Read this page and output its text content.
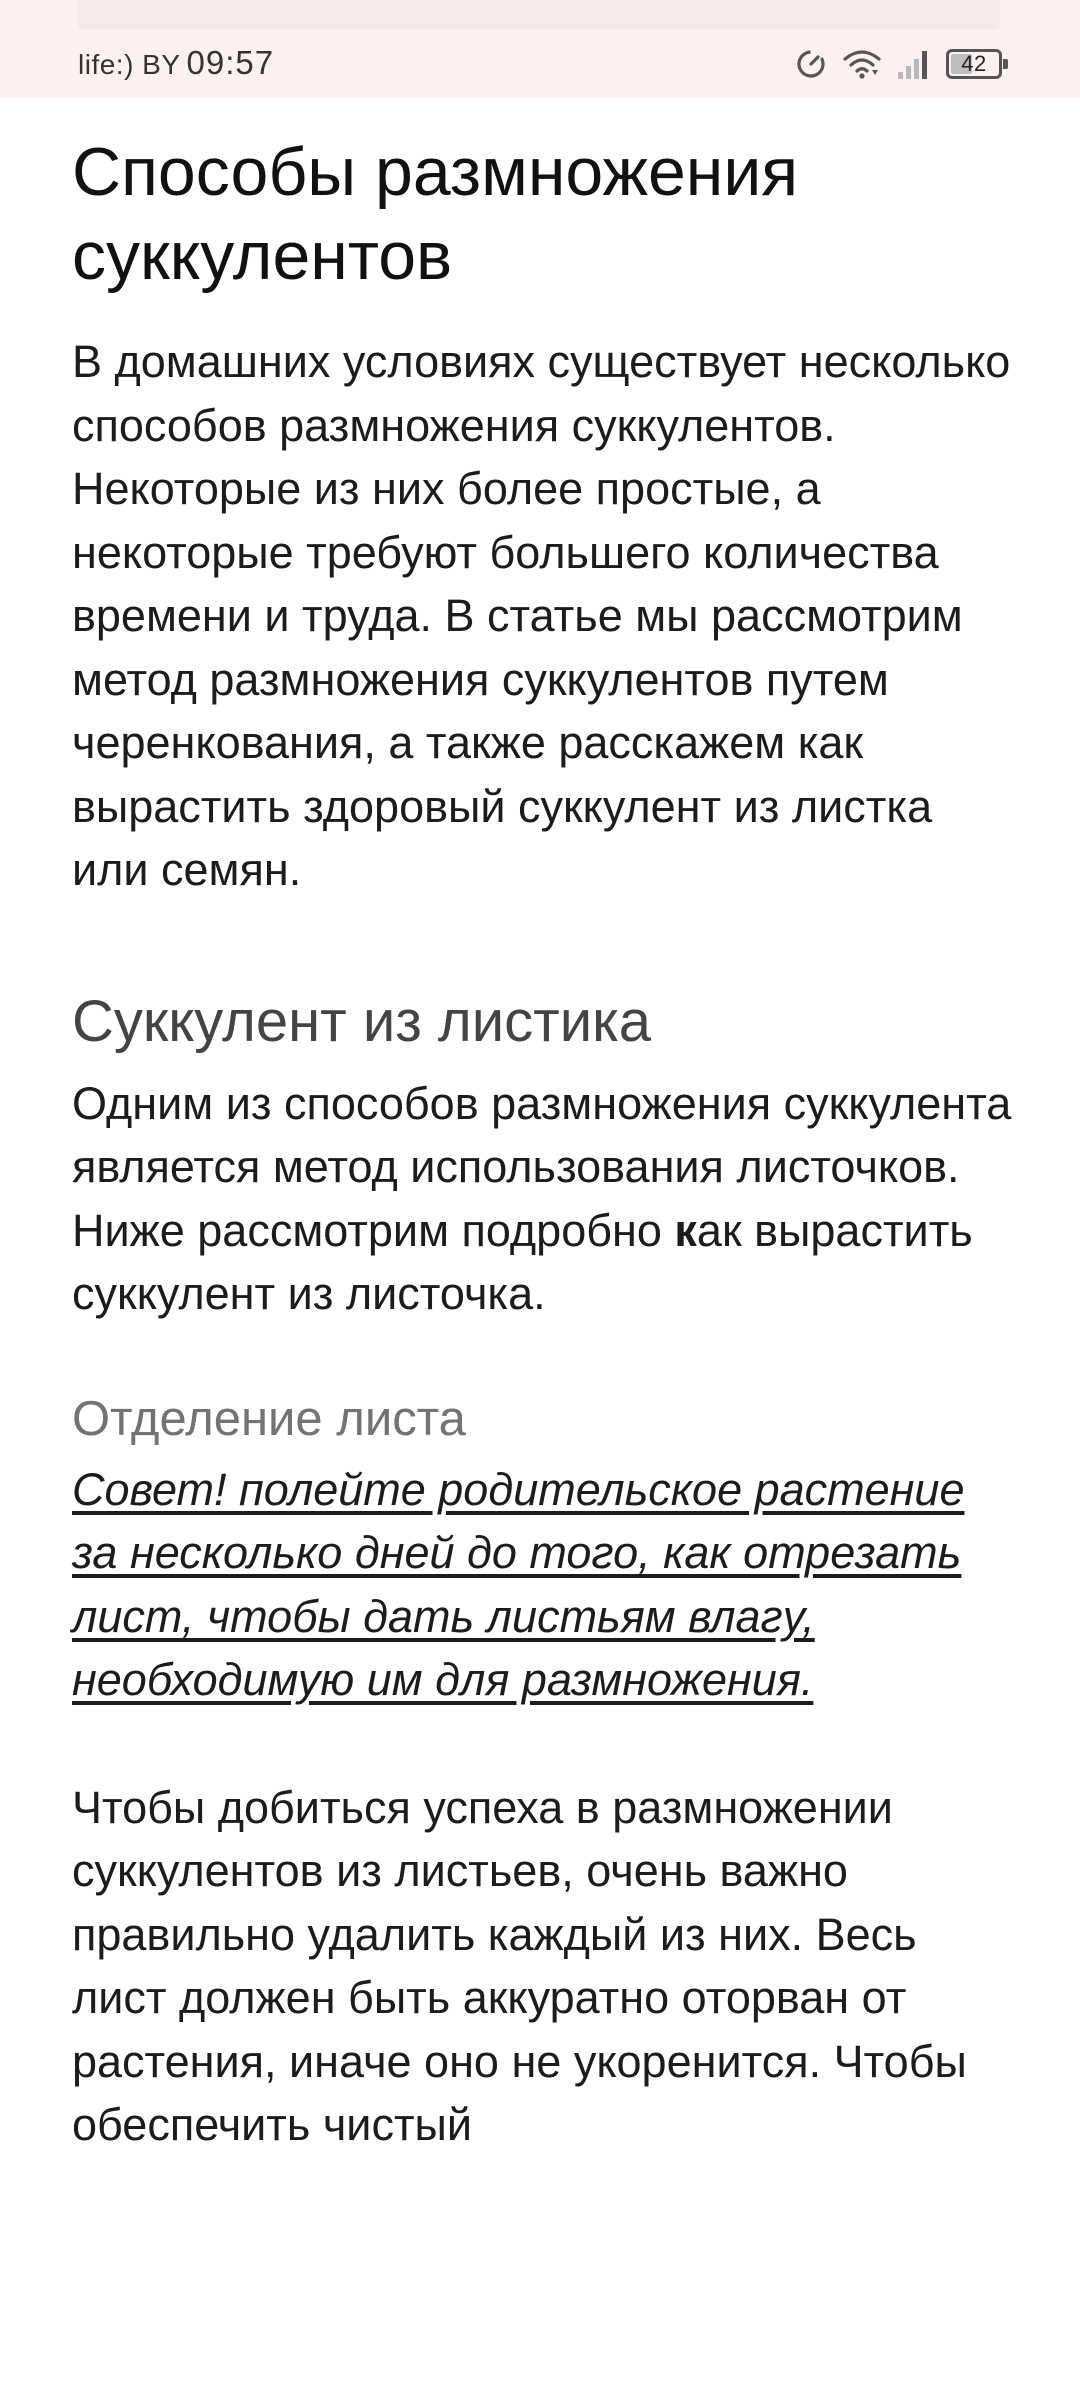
life:) BY 09:57	42
Способы размножения суккулентов

В домашних условиях существует несколько способов размножения суккулентов. Некоторые из них более простые, а некоторые требуют большего количества времени и труда. В статье мы рассмотрим метод размножения суккулентов путем черенкования, а также расскажем как вырастить здоровый суккулент из листка или семян.

Суккулент из листика

Одним из способов размножения суккулента является метод использования листочков. Ниже рассмотрим подробно как вырастить суккулент из листочка.

Отделение листа

Совет! полейте родительское растение за несколько дней до того, как отрезать лист, чтобы дать листьям влагу, необходимую им для размножения.

Чтобы добиться успеха в размножении суккулентов из листьев, очень важно правильно удалить каждый из них. Весь лист должен быть аккуратно оторван от растения, иначе оно не укоренится. Чтобы обеспечить чистый
